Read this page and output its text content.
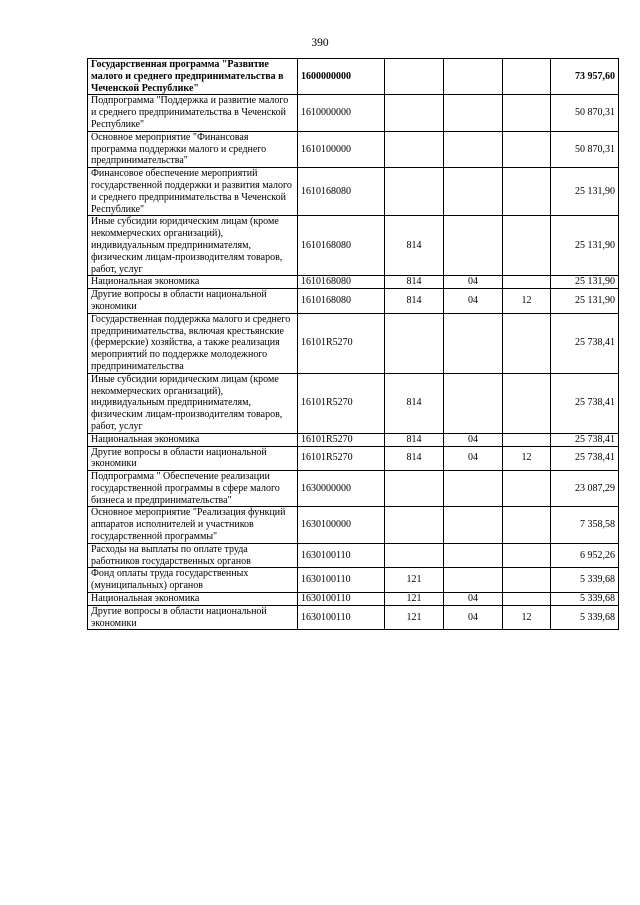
390
Государственная программа "Развитие малого и среднего предпринимательства в Чеченской Республике"	1600000000				73 957,60
Подпрограмма "Поддержка и развитие малого и среднего предпринимательства в Чеченской Республике"	1610000000				50 870,31
Основное мероприятие "Финансовая программа поддержки малого и среднего предпринимательства"	1610100000				50 870,31
Финансовое обеспечение мероприятий государственной поддержки и развития малого и среднего предпринимательства в Чеченской Республике"	1610168080				25 131,90
Иные субсидии юридическим лицам (кроме некоммерческих организаций), индивидуальным предпринимателям, физическим лицам-производителям товаров, работ, услуг	1610168080	814			25 131,90
Национальная экономика	1610168080	814	04		25 131,90
Другие вопросы в области национальной экономики	1610168080	814	04	12	25 131,90
Государственная поддержка малого и среднего предпринимательства, включая крестьянские (фермерские) хозяйства, а также реализация мероприятий по поддержке молодежного предпринимательства	16101R5270				25 738,41
Иные субсидии юридическим лицам (кроме некоммерческих организаций), индивидуальным предпринимателям, физическим лицам-производителям товаров, работ, услуг	16101R5270	814			25 738,41
Национальная экономика	16101R5270	814	04		25 738,41
Другие вопросы в области национальной экономики	16101R5270	814	04	12	25 738,41
Подпрограмма " Обеспечение реализации государственной программы в сфере малого бизнеса и предпринимательства"	1630000000				23 087,29
Основное мероприятие "Реализация функций аппаратов исполнителей и участников государственной программы"	1630100000				7 358,58
Расходы на выплаты по оплате труда работников государственных органов	1630100110				6 952,26
Фонд оплаты труда государственных (муниципальных) органов	1630100110	121			5 339,68
Национальная экономика	1630100110	121	04		5 339,68
Другие вопросы в области национальной экономики	1630100110	121	04	12	5 339,68
